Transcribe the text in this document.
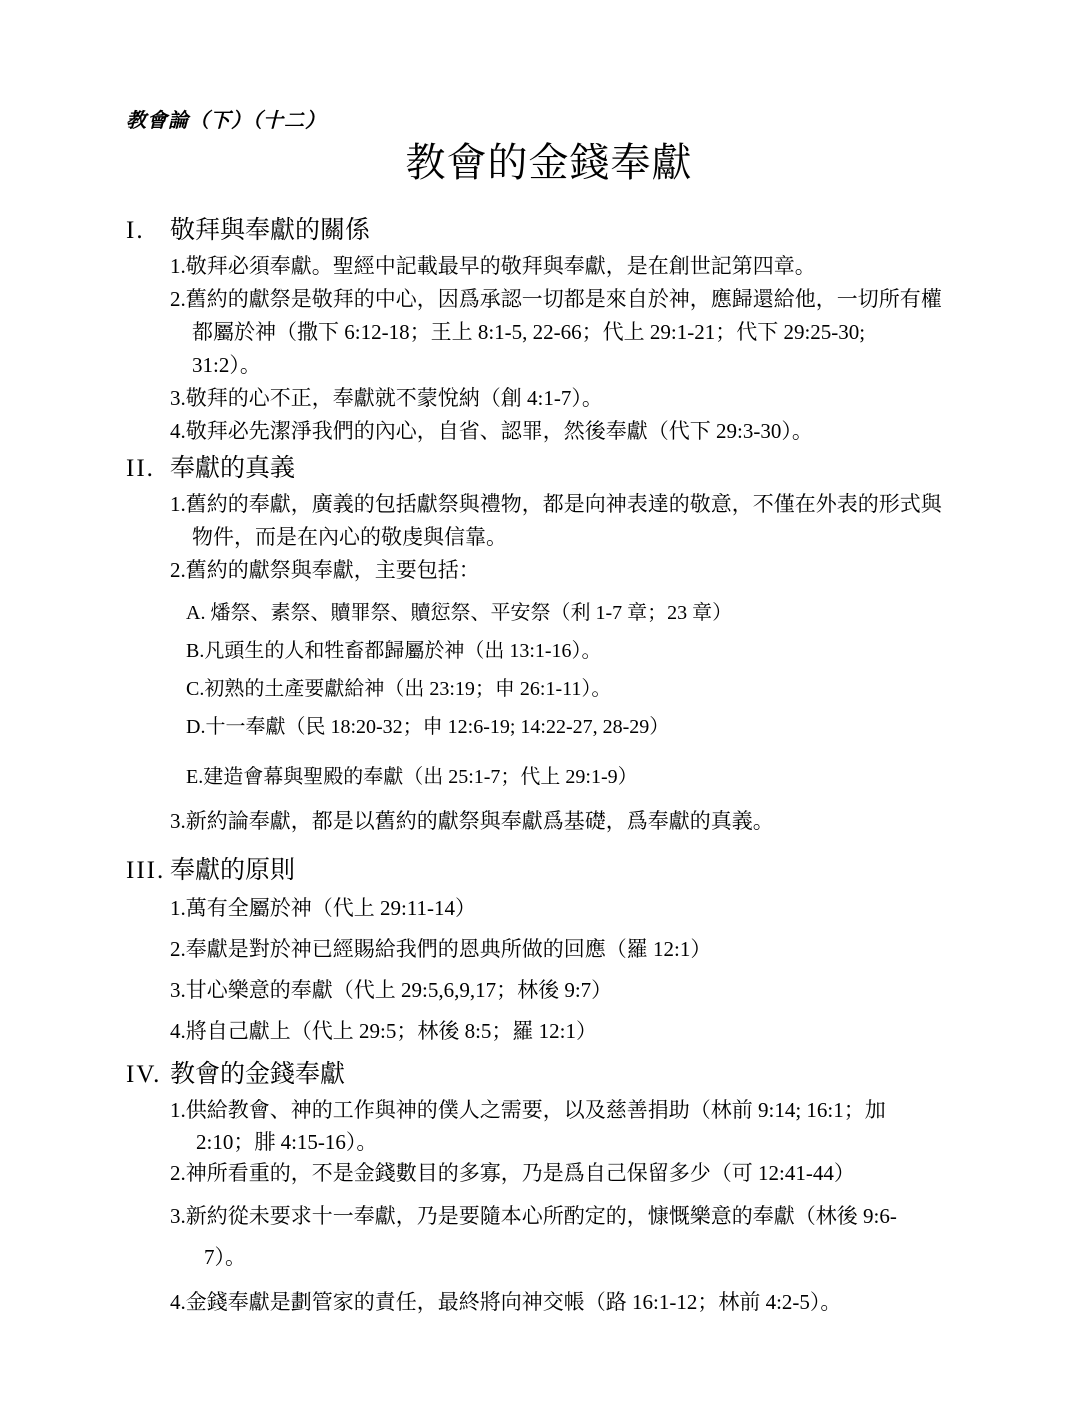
教會論（下）（十二）
教會的金錢奉獻
I.	敬拜與奉獻的關係
1.敬拜必須奉獻。聖經中記載最早的敬拜與奉獻，是在創世記第四章。
2.舊約的獻祭是敬拜的中心，因爲承認一切都是來自於神，應歸還給他，一切所有權
都屬於神（撒下 6:12-18；王上 8:1-5, 22-66；代上 29:1-21；代下 29:25-30;
31:2）。
3.敬拜的心不正，奉獻就不蒙悅納（創 4:1-7）。
4.敬拜必先潔淨我們的內心，自省、認罪，然後奉獻（代下 29:3-30）。
II. 奉獻的真義
1.舊約的奉獻，廣義的包括獻祭與禮物，都是向神表達的敬意，不僅在外表的形式與
物件，而是在內心的敬虔與信靠。
2.舊約的獻祭與奉獻，主要包括：
A. 燔祭、素祭、贖罪祭、贖愆祭、平安祭（利 1-7 章；23 章）
B.凡頭生的人和牲畜都歸屬於神（出 13:1-16）。
C.初熟的土產要獻給神（出 23:19；申 26:1-11）。
D.十一奉獻（民 18:20-32；申 12:6-19; 14:22-27, 28-29）
E.建造會幕與聖殿的奉獻（出 25:1-7；代上 29:1-9）
3.新約論奉獻，都是以舊約的獻祭與奉獻爲基礎，爲奉獻的真義。
III. 奉獻的原則
1.萬有全屬於神（代上 29:11-14）
2.奉獻是對於神已經賜給我們的恩典所做的回應（羅 12:1）
3.甘心樂意的奉獻（代上 29:5,6,9,17；林後 9:7）
4.將自己獻上（代上 29:5；林後 8:5；羅 12:1）
IV. 教會的金錢奉獻
1.供給教會、神的工作與神的僕人之需要，以及慈善捐助（林前 9:14; 16:1；加
2:10；腓 4:15-16）。
2.神所看重的，不是金錢數目的多寡，乃是爲自己保留多少（可 12:41-44）
3.新約從未要求十一奉獻，乃是要隨本心所酌定的，慷慨樂意的奉獻（林後 9:6-
7）。
4.金錢奉獻是劃管家的責任，最終將向神交帳（路 16:1-12；林前 4:2-5）。
